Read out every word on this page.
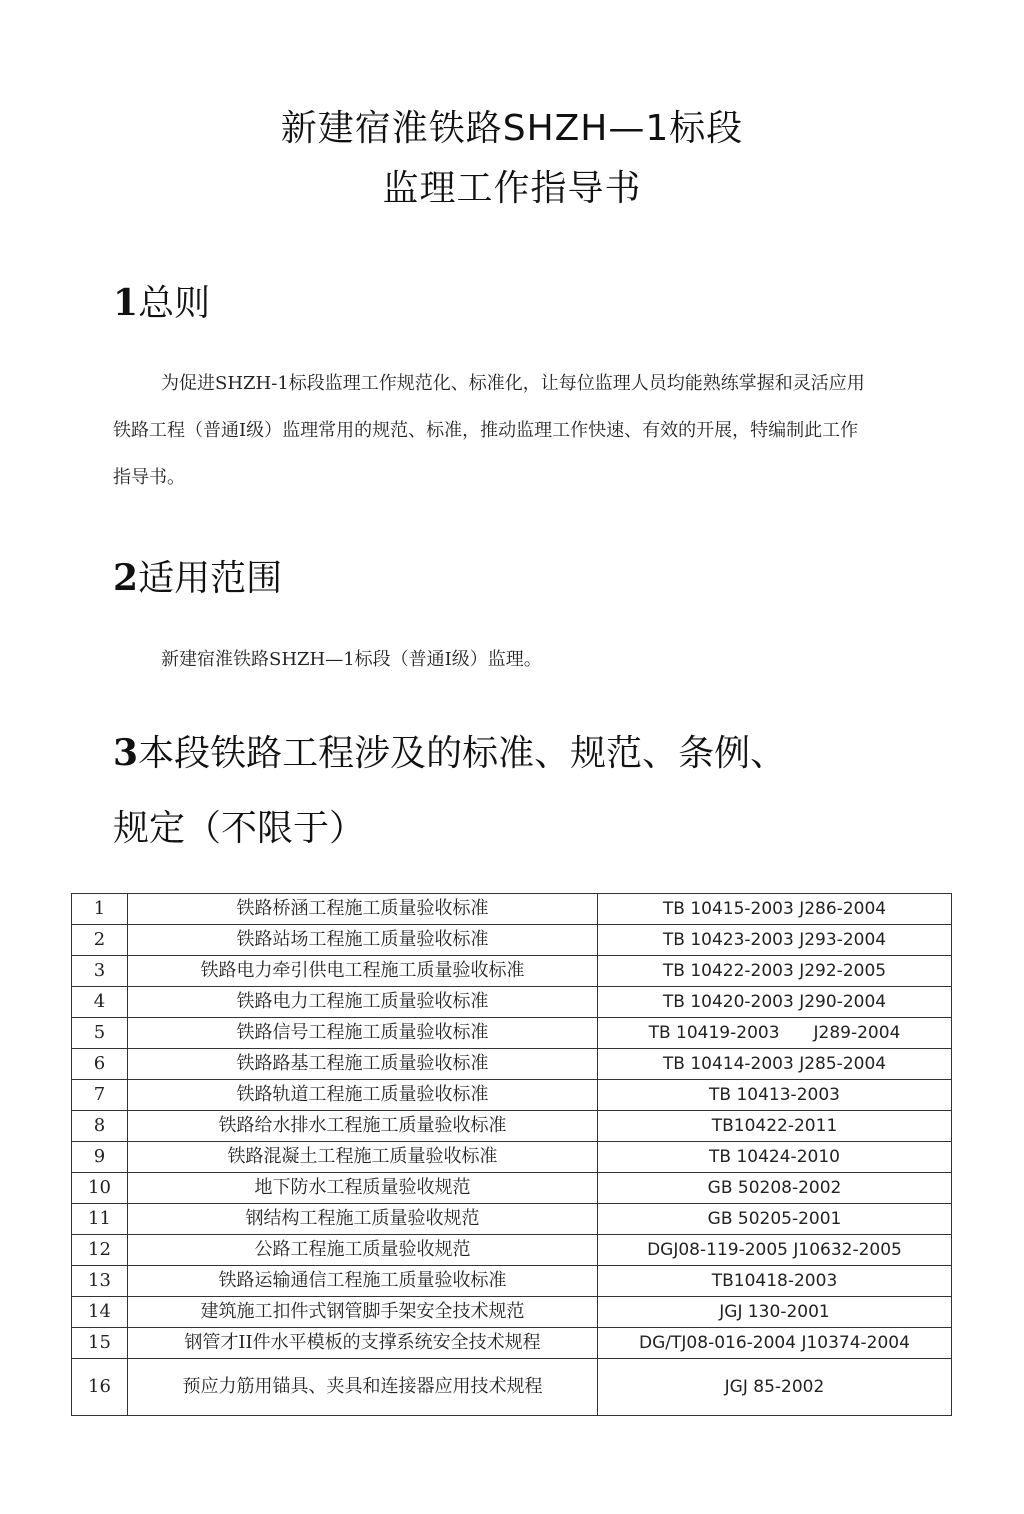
新建宿淮铁路SHZH—1标段
监理工作指导书
1总则
为促进SHZH-1标段监理工作规范化、标准化，让每位监理人员均能熟练掌握和灵活应用铁路工程（普通I级）监理常用的规范、标准，推动监理工作快速、有效的开展，特编制此工作指导书。
2适用范围
新建宿淮铁路SHZH—1标段（普通I级）监理。
3本段铁路工程涉及的标准、规范、条例、
规定（不限于）
1	铁路桥涵工程施工质量验收标准	TB 10415-2003 J286-2004
2	铁路站场工程施工质量验收标准	TB 10423-2003 J293-2004
3	铁路电力牵引供电工程施工质量验收标准	TB 10422-2003 J292-2005
4	铁路电力工程施工质量验收标准	TB 10420-2003 J290-2004
5	铁路信号工程施工质量验收标准	TB 10419-2003　　J289-2004
6	铁路路基工程施工质量验收标准	TB 10414-2003 J285-2004
7	铁路轨道工程施工质量验收标准	TB 10413-2003
8	铁路给水排水工程施工质量验收标准	TB10422-2011
9	铁路混凝土工程施工质量验收标准	TB 10424-2010
10	地下防水工程质量验收规范	GB 50208-2002
11	钢结构工程施工质量验收规范	GB 50205-2001
12	公路工程施工质量验收规范	DGJ08-119-2005 J10632-2005
13	铁路运输通信工程施工质量验收标准	TB10418-2003
14	建筑施工扣件式钢管脚手架安全技术规范	JGJ 130-2001
15	钢管才II件水平模板的支撑系统安全技术规程	DG/TJ08-016-2004 J10374-2004
16	预应力筋用锚具、夹具和连接器应用技术规程	JGJ 85-2002
